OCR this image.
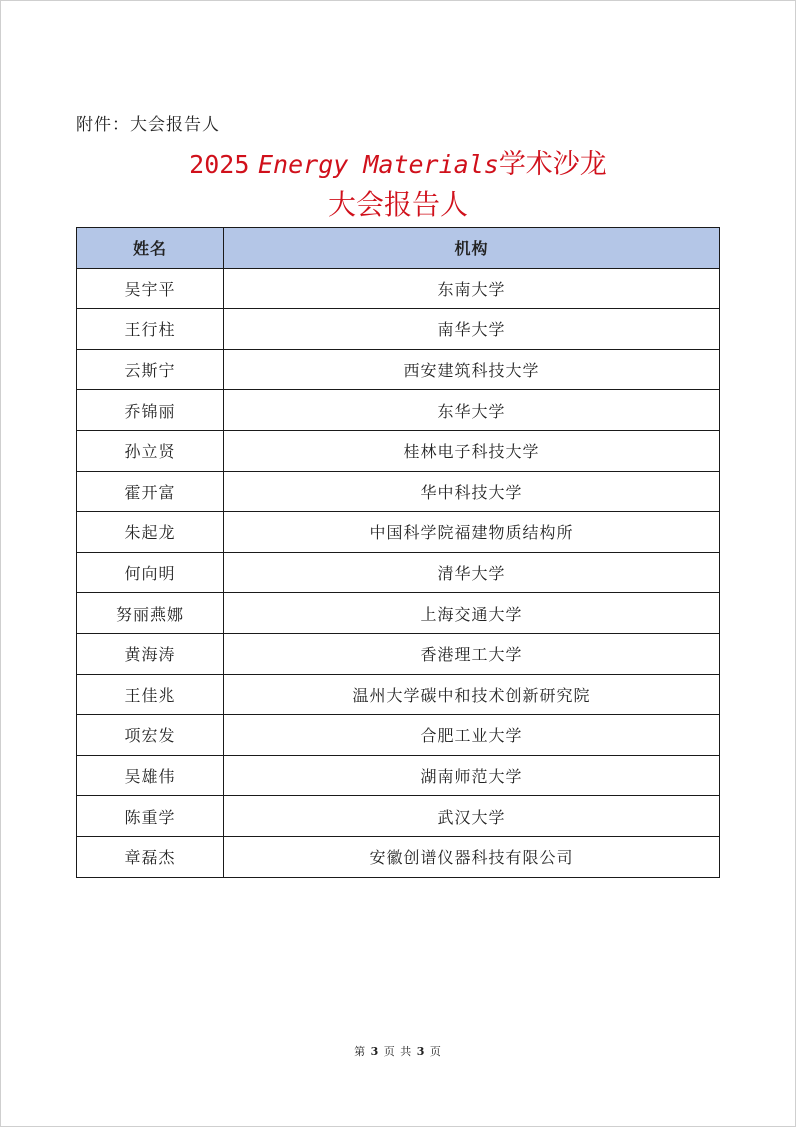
附件：大会报告人
2025 Energy Materials学术沙龙
大会报告人
姓名	机构
吴宇平	东南大学
王行柱	南华大学
云斯宁	西安建筑科技大学
乔锦丽	东华大学
孙立贤	桂林电子科技大学
霍开富	华中科技大学
朱起龙	中国科学院福建物质结构所
何向明	清华大学
努丽燕娜	上海交通大学
黄海涛	香港理工大学
王佳兆	温州大学碳中和技术创新研究院
项宏发	合肥工业大学
吴雄伟	湖南师范大学
陈重学	武汉大学
章磊杰	安徽创谱仪器科技有限公司
第 3 页 共 3 页
